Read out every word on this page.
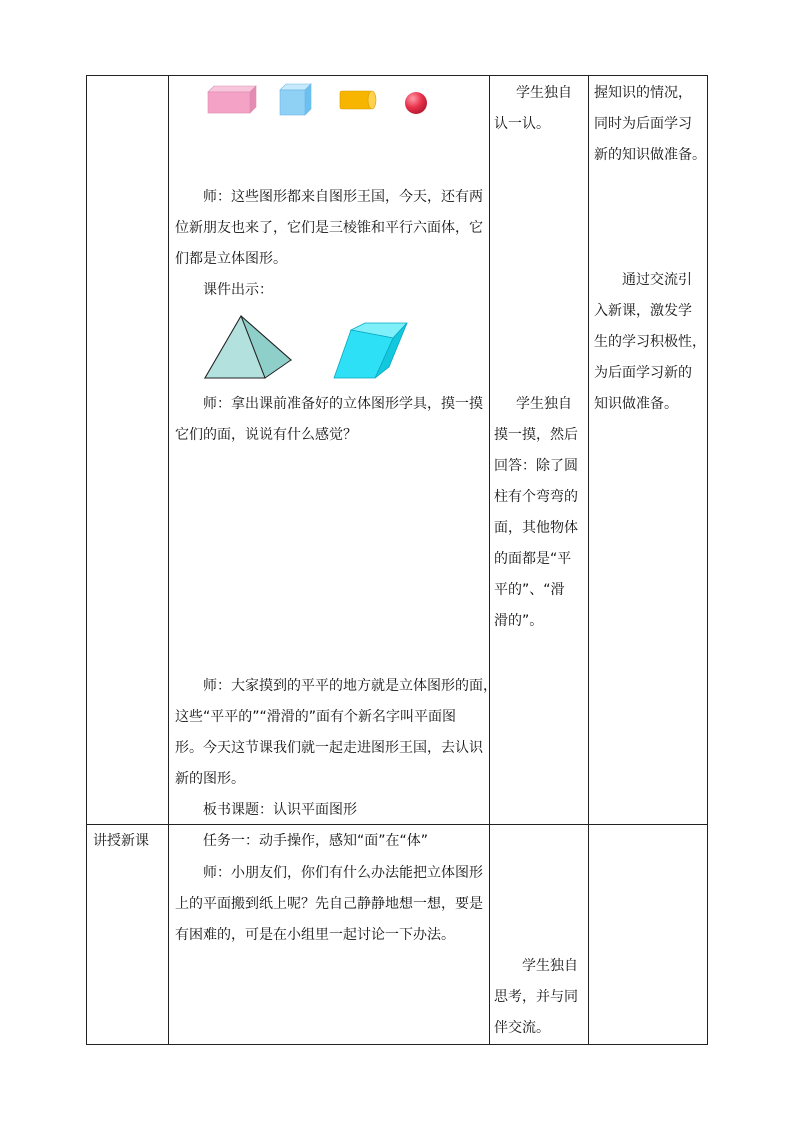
师：这些图形都来自图形王国，今天，还有两
位新朋友也来了，它们是三棱锥和平行六面体，它
们都是立体图形。
课件出示：
师：拿出课前准备好的立体图形学具，摸一摸
它们的面，说说有什么感觉？
师：大家摸到的平平的地方就是立体图形的面，
这些“平平的”“滑滑的”面有个新名字叫平面图
形。今天这节课我们就一起走进图形王国，去认识
新的图形。
板书课题：认识平面图形
讲授新课	任务一：动手操作，感知“面”在“体”
师：小朋友们，你们有什么办法能把立体图形
上的平面搬到纸上呢？先自己静静地想一想，要是
有困难的，可是在小组里一起讨论一下办法。
学生独自
认一认。
学生独自
摸一摸，然后
回答：除了圆
柱有个弯弯的
面，其他物体
的面都是“平
平的”、“滑
滑的”。
学生独自
思考，并与同
伴交流。
握知识的情况，
同时为后面学习
新的知识做准备。
通过交流引
入新课，激发学
生的学习积极性，
为后面学习新的
知识做准备。
